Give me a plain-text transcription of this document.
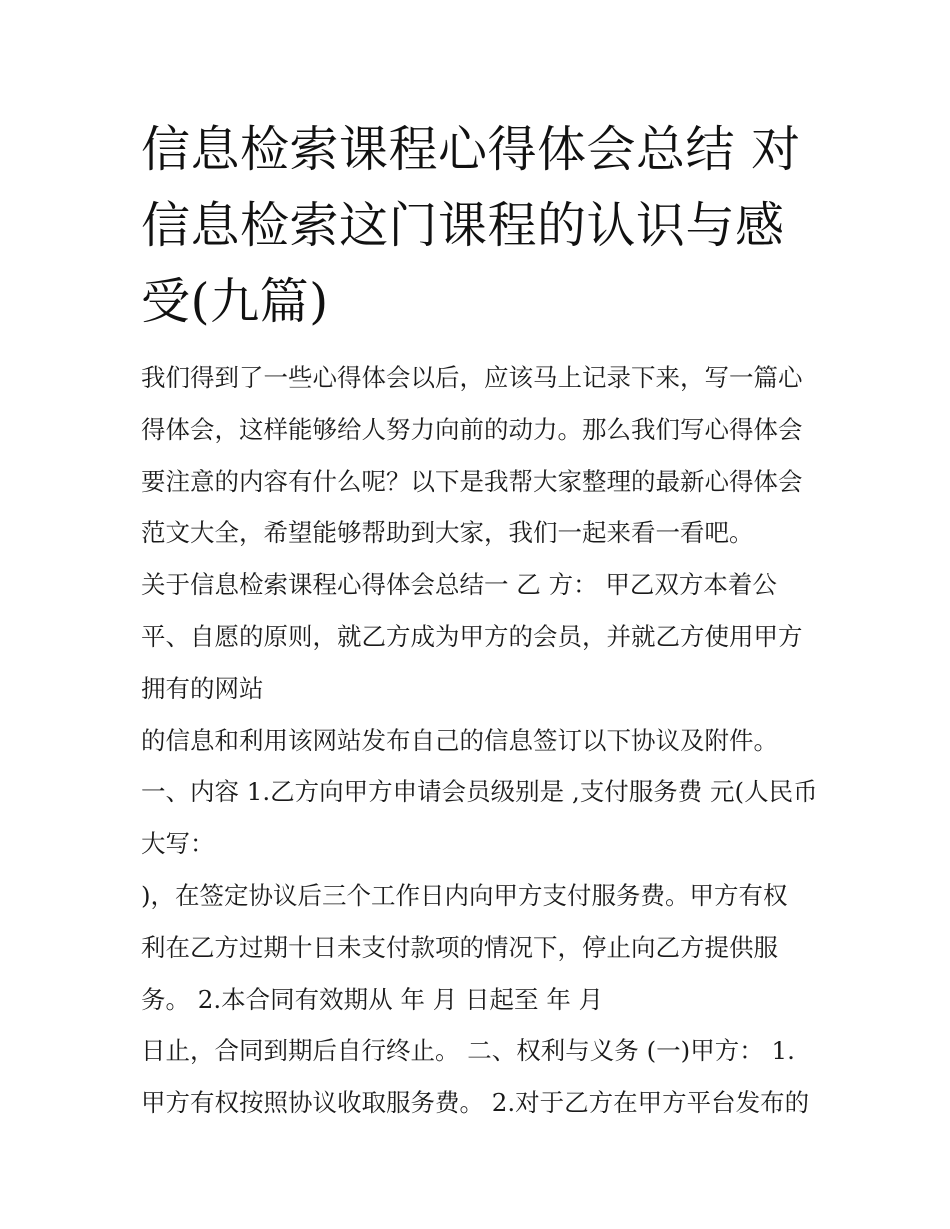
信息检索课程心得体会总结 对
信息检索这门课程的认识与感
受(九篇)
我们得到了一些心得体会以后，应该马上记录下来，写一篇心
得体会，这样能够给人努力向前的动力。那么我们写心得体会
要注意的内容有什么呢？以下是我帮大家整理的最新心得体会
范文大全，希望能够帮助到大家，我们一起来看一看吧。
关于信息检索课程心得体会总结一 乙 方： 甲乙双方本着公
平、自愿的原则，就乙方成为甲方的会员，并就乙方使用甲方
拥有的网站
的信息和利用该网站发布自己的信息签订以下协议及附件。
一、内容 1.乙方向甲方申请会员级别是 ,支付服务费 元(人民币
大写：
)，在签定协议后三个工作日内向甲方支付服务费。甲方有权
利在乙方过期十日未支付款项的情况下，停止向乙方提供服
务。 2.本合同有效期从 年 月 日起至 年 月
日止，合同到期后自行终止。 二、权利与义务 (一)甲方： 1.
甲方有权按照协议收取服务费。 2.对于乙方在甲方平台发布的
